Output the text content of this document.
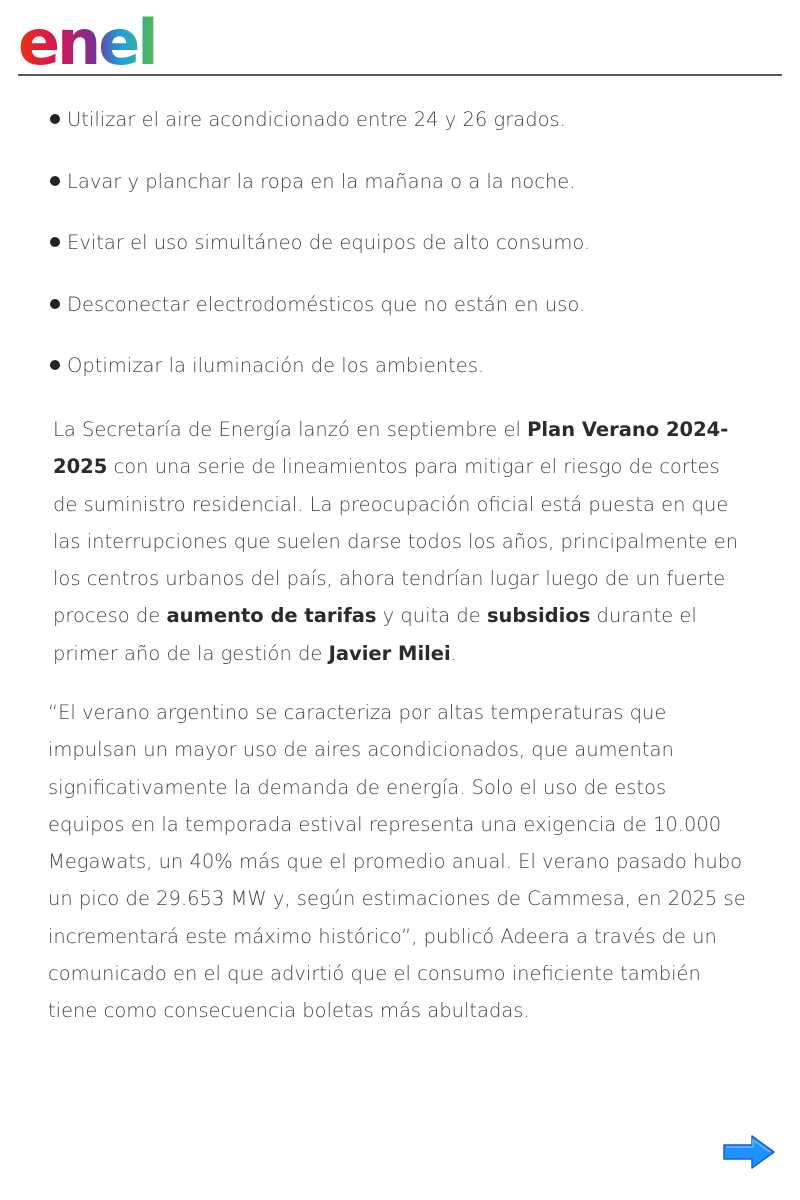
enel
Utilizar el aire acondicionado entre 24 y 26 grados.
Lavar y planchar la ropa en la mañana o a la noche.
Evitar el uso simultáneo de equipos de alto consumo.
Desconectar electrodomésticos que no están en uso.
Optimizar la iluminación de los ambientes.

La Secretaría de Energía lanzó en septiembre el Plan Verano 2024-2025 con una serie de lineamientos para mitigar el riesgo de cortes de suministro residencial. La preocupación oficial está puesta en que las interrupciones que suelen darse todos los años, principalmente en los centros urbanos del país, ahora tendrían lugar luego de un fuerte proceso de aumento de tarifas y quita de subsidios durante el primer año de la gestión de Javier Milei.

“El verano argentino se caracteriza por altas temperaturas que impulsan un mayor uso de aires acondicionados, que aumentan significativamente la demanda de energía. Solo el uso de estos equipos en la temporada estival representa una exigencia de 10.000 Megawats, un 40% más que el promedio anual. El verano pasado hubo un pico de 29.653 MW y, según estimaciones de Cammesa, en 2025 se incrementará este máximo histórico”, publicó Adeera a través de un comunicado en el que advirtió que el consumo ineficiente también tiene como consecuencia boletas más abultadas.
